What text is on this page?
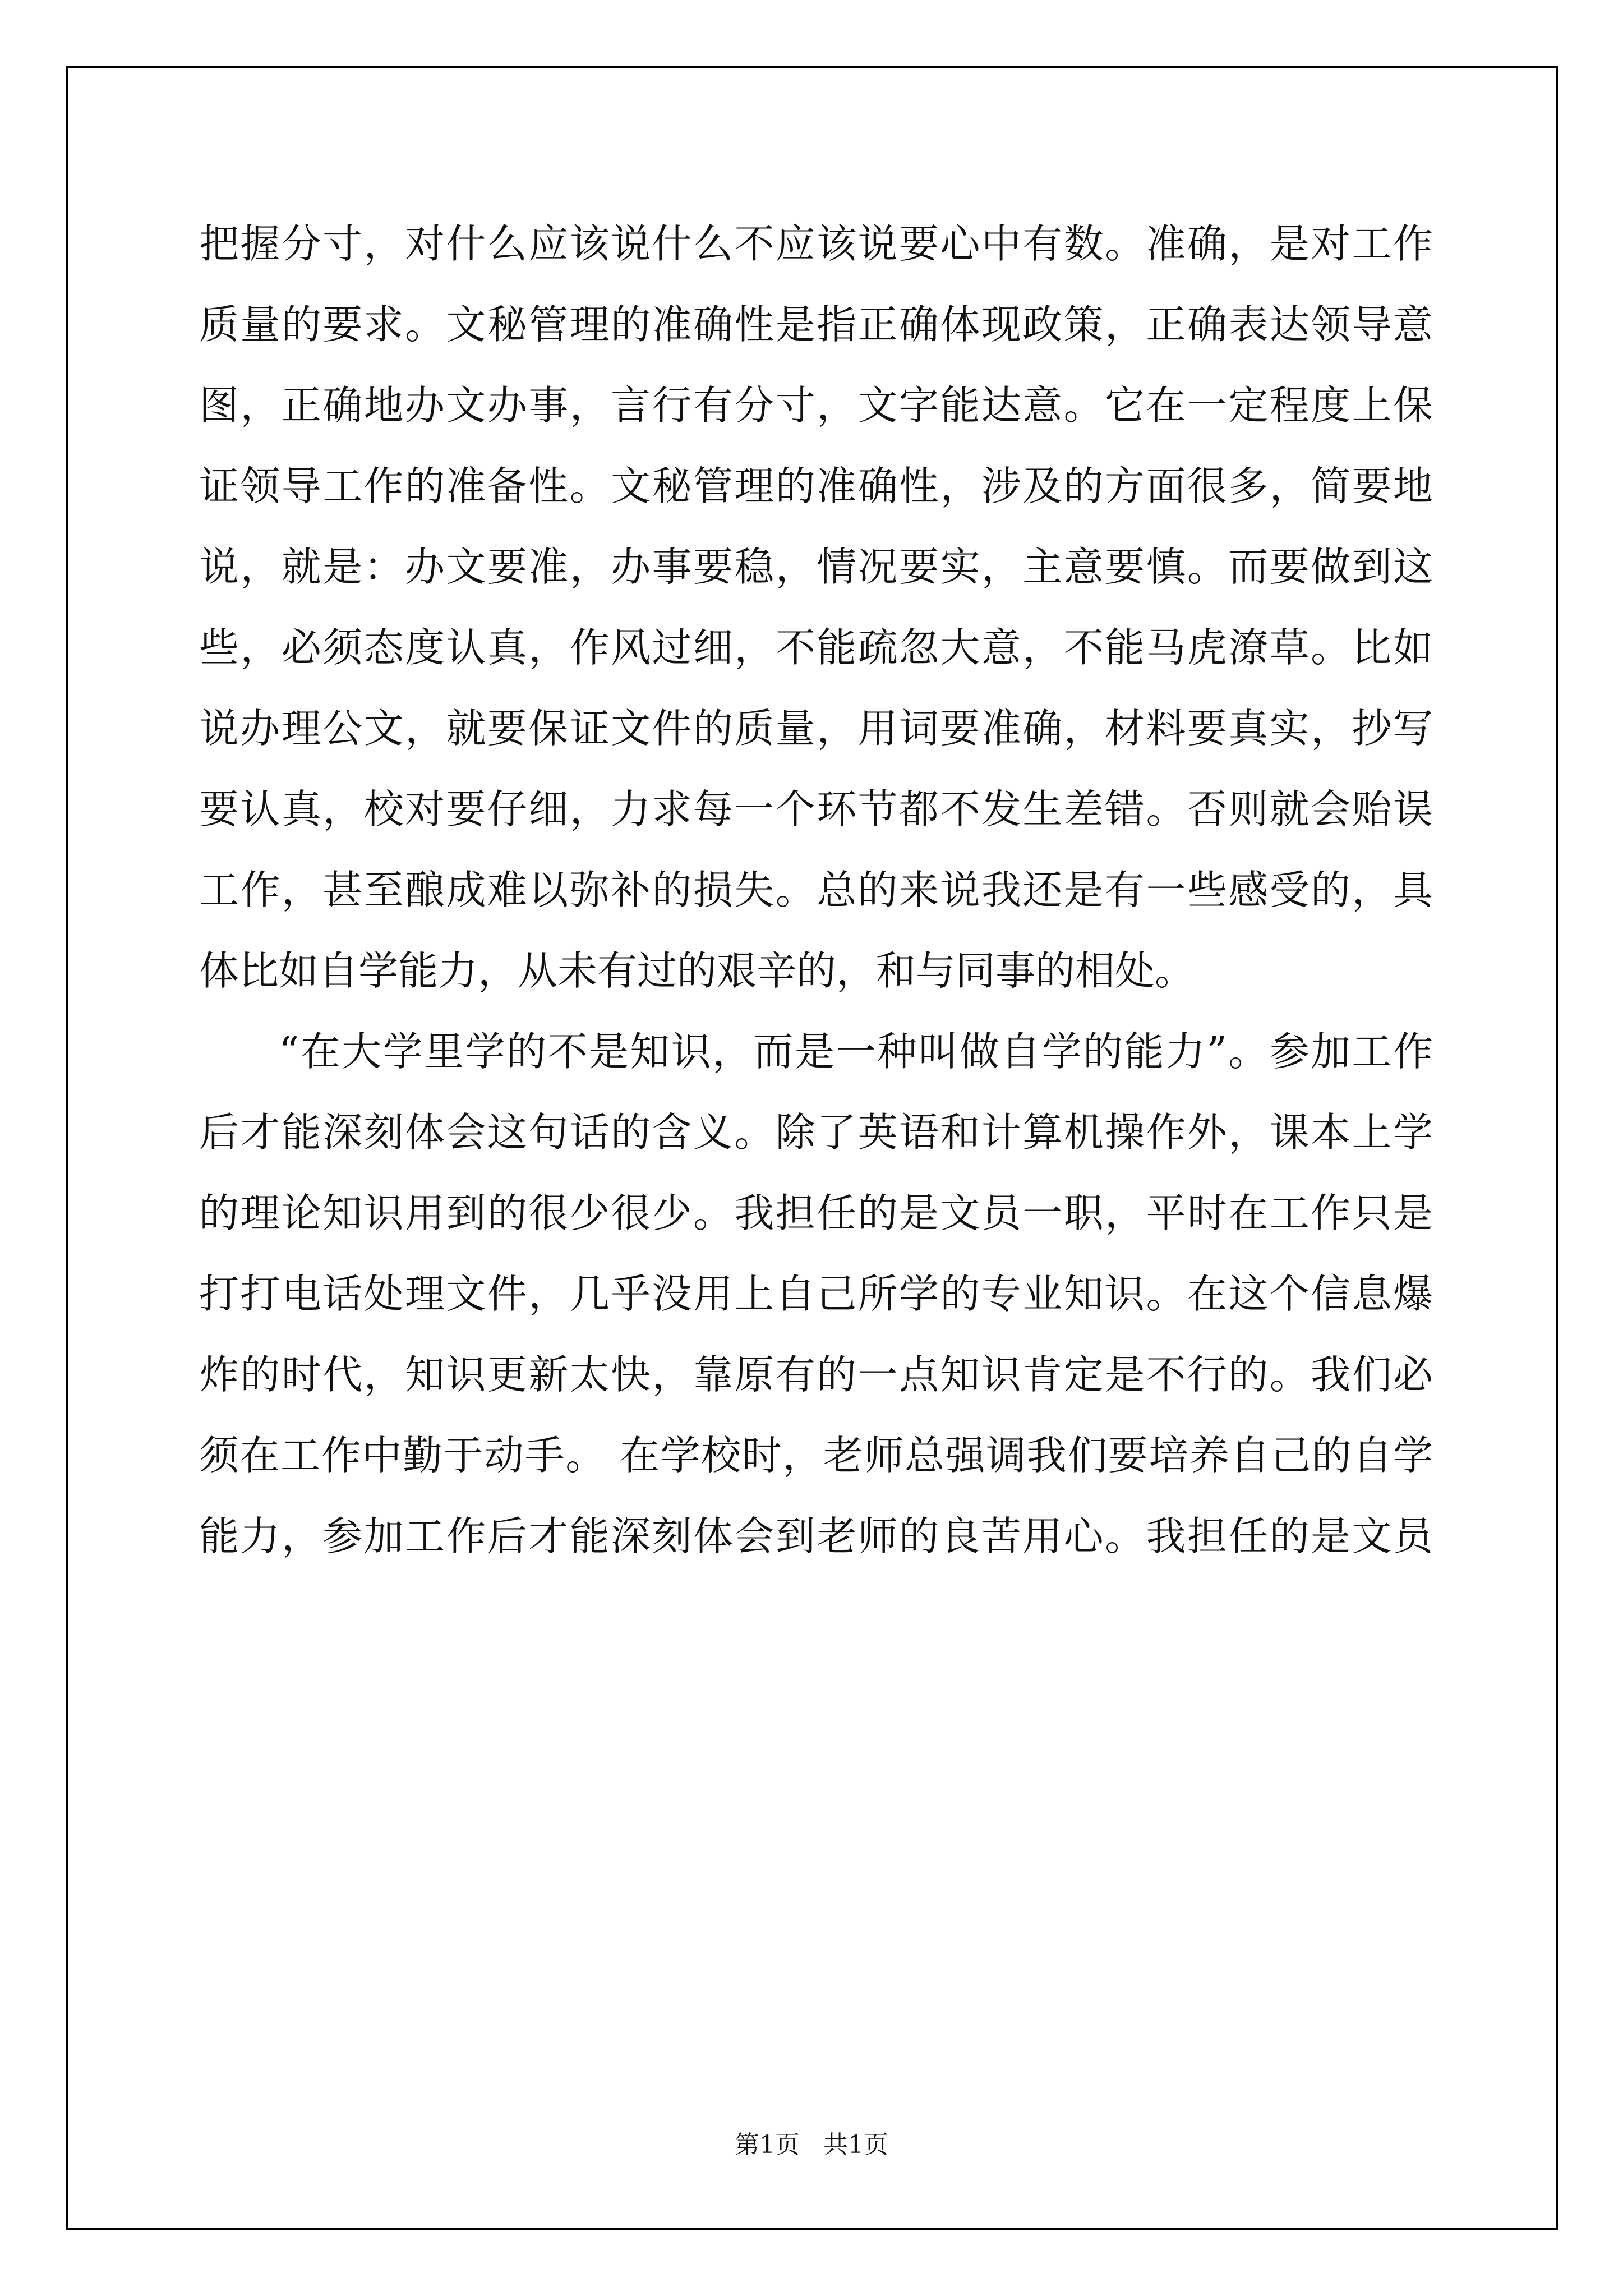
把握分寸，对什么应该说什么不应该说要心中有数。准确，是对工作
质量的要求。文秘管理的准确性是指正确体现政策，正确表达领导意
图，正确地办文办事，言行有分寸，文字能达意。它在一定程度上保
证领导工作的准备性。文秘管理的准确性，涉及的方面很多，简要地
说，就是：办文要准，办事要稳，情况要实，主意要慎。而要做到这
些，必须态度认真，作风过细，不能疏忽大意，不能马虎潦草。比如
说办理公文，就要保证文件的质量，用词要准确，材料要真实，抄写
要认真，校对要仔细，力求每一个环节都不发生差错。否则就会贻误
工作，甚至酿成难以弥补的损失。总的来说我还是有一些感受的，具
体比如自学能力，从未有过的艰辛的，和与同事的相处。
“在大学里学的不是知识，而是一种叫做自学的能力”。参加工作
后才能深刻体会这句话的含义。除了英语和计算机操作外，课本上学
的理论知识用到的很少很少。我担任的是文员一职，平时在工作只是
打打电话处理文件，几乎没用上自己所学的专业知识。在这个信息爆
炸的时代，知识更新太快，靠原有的一点知识肯定是不行的。我们必
须在工作中勤于动手。 在学校时，老师总强调我们要培养自己的自学
能力，参加工作后才能深刻体会到老师的良苦用心。我担任的是文员
第1页   共1页
